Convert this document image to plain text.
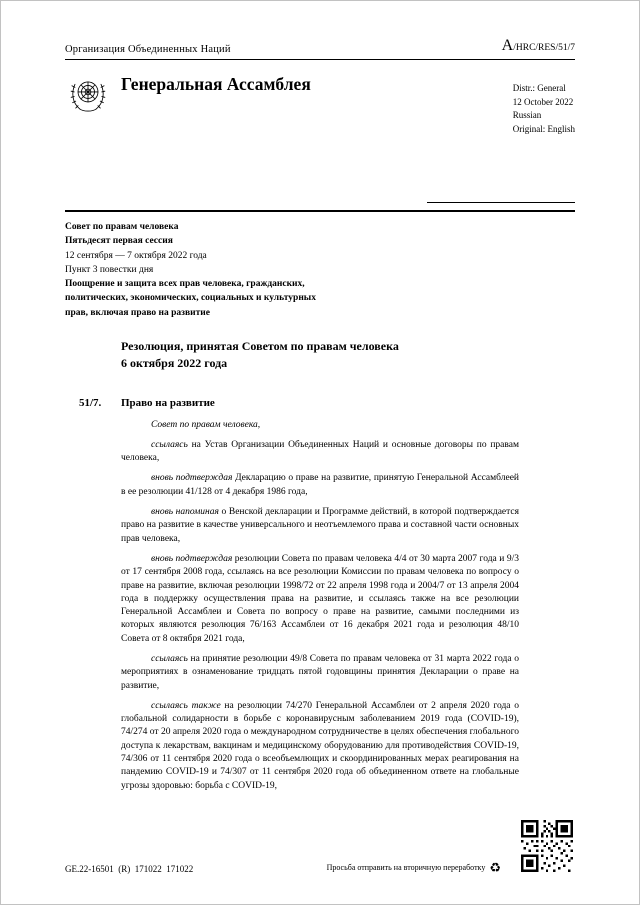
Организация Объединенных Наций	A/HRC/RES/51/7
Генеральная Ассамблея	Distr.: General
12 October 2022
Russian
Original: English
Совет по правам человека
Пятьдесят первая сессия
12 сентября — 7 октября 2022 года
Пункт 3 повестки дня
Поощрение и защита всех прав человека, гражданских, политических, экономических, социальных и культурных прав, включая право на развитие
Резолюция, принятая Советом по правам человека
6 октября 2022 года
51/7.	Право на развитие

Совет по правам человека,

ссылаясь на Устав Организации Объединенных Наций и основные договоры по правам человека,

вновь подтверждая Декларацию о праве на развитие, принятую Генеральной Ассамблеей в ее резолюции 41/128 от 4 декабря 1986 года,

вновь напоминая о Венской декларации и Программе действий, в которой подтверждается право на развитие в качестве универсального и неотъемлемого права и составной части основных прав человека,

вновь подтверждая резолюции Совета по правам человека 4/4 от 30 марта 2007 года и 9/3 от 17 сентября 2008 года, ссылаясь на все резолюции Комиссии по правам человека по вопросу о праве на развитие, включая резолюции 1998/72 от 22 апреля 1998 года и 2004/7 от 13 апреля 2004 года в поддержку осуществления права на развитие, и ссылаясь также на все резолюции Генеральной Ассамблеи и Совета по вопросу о праве на развитие, самыми последними из которых являются резолюция 76/163 Ассамблеи от 16 декабря 2021 года и резолюция 48/10 Совета от 8 октября 2021 года,

ссылаясь на принятие резолюции 49/8 Совета по правам человека от 31 марта 2022 года о мероприятиях в ознаменование тридцать пятой годовщины принятия Декларации о праве на развитие,

ссылаясь также на резолюции 74/270 Генеральной Ассамблеи от 2 апреля 2020 года о глобальной солидарности в борьбе с коронавирусным заболеванием 2019 года (COVID-19), 74/274 от 20 апреля 2020 года о международном сотрудничестве в целях обеспечения глобального доступа к лекарствам, вакцинам и медицинскому оборудованию для противодействия COVID-19, 74/306 от 11 сентября 2020 года о всеобъемлющих и скоординированных мерах реагирования на пандемию COVID-19 и 74/307 от 11 сентября 2020 года об объединенном ответе на глобальные угрозы здоровью: борьба с COVID-19,

GE.22-16501  (R)  171022  171022	Просьба отправить на вторичную переработку ♻
